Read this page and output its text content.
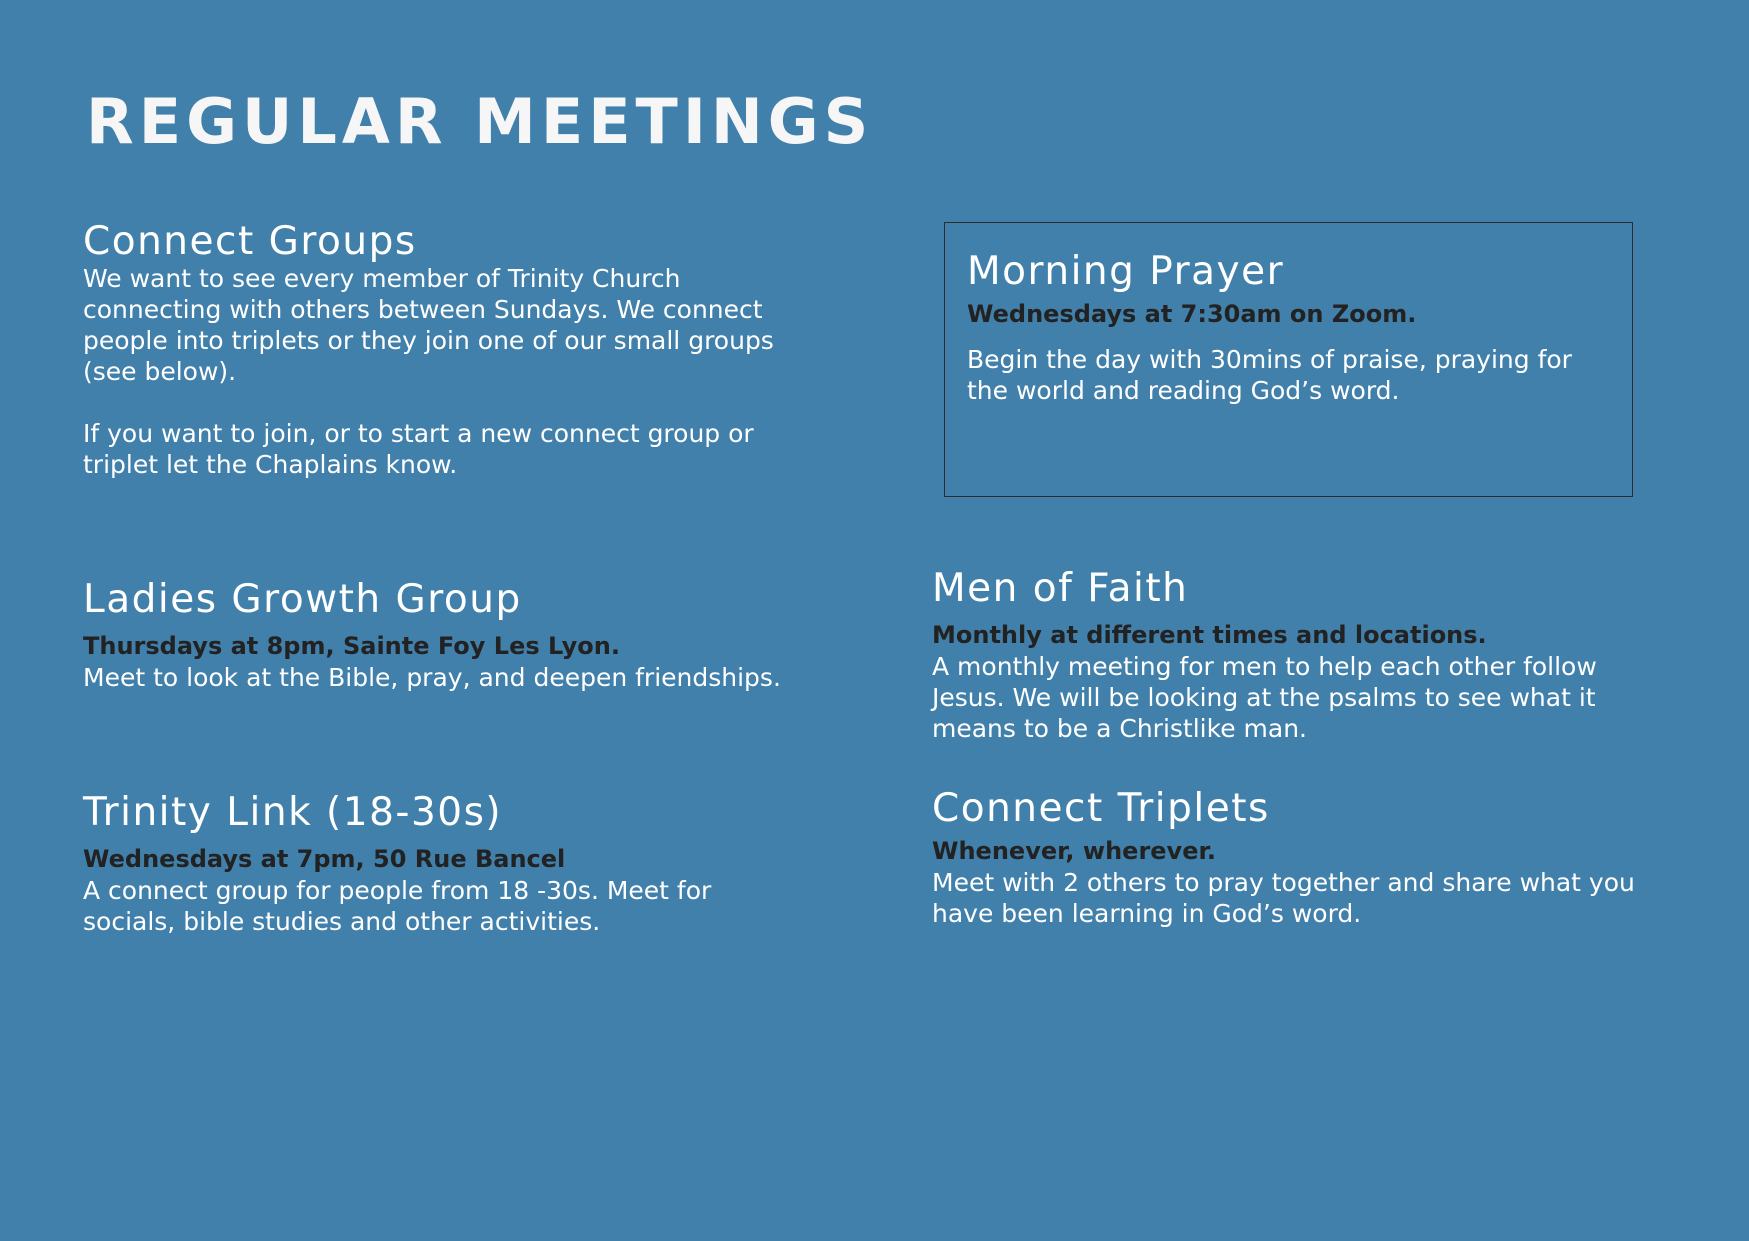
REGULAR MEETINGS
Connect Groups

We want to see every member of Trinity Church connecting with others between Sundays. We connect people into triplets or they join one of our small groups (see below).

If you want to join, or to start a new connect group or triplet let the Chaplains know.

Morning Prayer

Wednesdays at 7:30am on Zoom.

Begin the day with 30mins of praise, praying for the world and reading God’s word.

Ladies Growth Group

Thursdays at 8pm, Sainte Foy Les Lyon.

Meet to look at the Bible, pray, and deepen friendships.

Men of Faith

Monthly at different times and locations.

A monthly meeting for men to help each other follow Jesus. We will be looking at the psalms to see what it means to be a Christlike man.

Trinity Link (18-30s)

Wednesdays at 7pm, 50 Rue Bancel

A connect group for people from 18 -30s. Meet for socials, bible studies and other activities.

Connect Triplets

Whenever, wherever.

Meet with 2 others to pray together and share what you have been learning in God’s word.
